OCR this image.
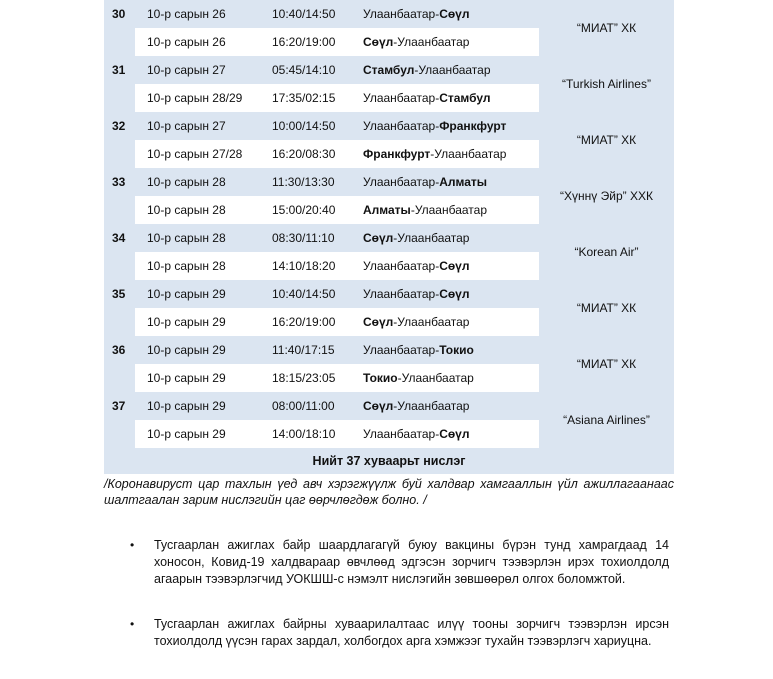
30 10-р сарын 26	10:40/14:50 Улаанбаатар-Сөүл
10-р сарын 26	16:20/19:00 Сөүл-Улаанбаатар
“МИАТ” ХК
31 10-р сарын 27	05:45/14:10 Стамбул-Улаанбаатар
10-р сарын 28/29 17:35/02:15 Улаанбаатар-Стамбул
“Turkish Airlines”
32 10-р сарын 27	10:00/14:50 Улаанбаатар-Франкфурт
10-р сарын 27/28 16:20/08:30 Франкфурт-Улаанбаатар
“МИАТ” ХК
33 10-р сарын 28	11:30/13:30 Улаанбаатар-Алматы
10-р сарын 28	15:00/20:40 Алматы-Улаанбаатар
“Хүннү Эйр” ХХК
34 10-р сарын 28	08:30/11:10 Сөүл-Улаанбаатар
10-р сарын 28	14:10/18:20 Улаанбаатар-Сөүл
“Korean Air”
35 10-р сарын 29	10:40/14:50 Улаанбаатар-Сөүл
10-р сарын 29	16:20/19:00 Сөүл-Улаанбаатар
“МИАТ” ХК
36 10-р сарын 29	11:40/17:15 Улаанбаатар-Токио
10-р сарын 29	18:15/23:05 Токио-Улаанбаатар
“МИАТ” ХК
37 10-р сарын 29	08:00/11:00 Сөүл-Улаанбаатар
10-р сарын 29	14:00/18:10 Улаанбаатар-Сөүл
“Asiana Airlines”
Нийт 37 хуваарьт нислэг
/Коронавируст цар тахлын үед авч хэрэгжүүлж буй халдвар хамгааллын үйл ажиллагаанаас шалтгаалан зарим нислэгийн цаг өөрчлөгдөж болно. /
• Тусгаарлан ажиглах байр шаардлагагүй буюу вакцины бүрэн тунд хамрагдаад 14 хоносон, Ковид-19 халдвараар өвчлөөд эдгэсэн зорчигч тээвэрлэн ирэх тохиолдолд агаарын тээвэрлэгчид УОКШШ-с нэмэлт нислэгийн зөвшөөрөл олгох боломжтой.
• Тусгаарлан ажиглах байрны хуваарилалтаас илүү тооны зорчигч тээвэрлэн ирсэн тохиолдолд үүсэн гарах зардал, холбогдох арга хэмжээг тухайн тээвэрлэгч хариуцна.
